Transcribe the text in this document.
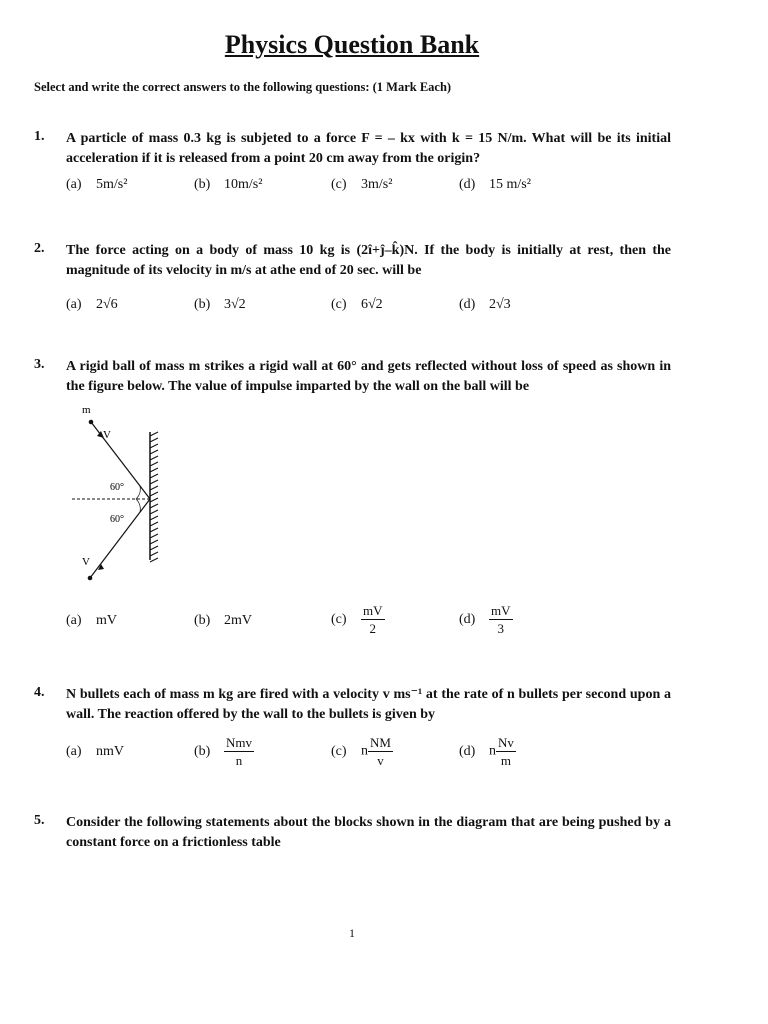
Physics Question Bank
Select and write the correct answers to the following questions: (1 Mark Each)
1. A particle of mass 0.3 kg is subjeted to a force F = – kx with k = 15 N/m. What will be its initial acceleration if it is released from a point 20 cm away from the origin?
(a) 5m/s²	(b) 10m/s²	(c) 3m/s²	(d) 15 m/s²
2. The force acting on a body of mass 10 kg is (2î+ĵ–k̂)N. If the body is initially at rest, then the magnitude of its velocity in m/s at athe end of 20 sec. will be
(a) 2√6	(b) 3√2	(c) 6√2	(d) 2√3
3. A rigid ball of mass m strikes a rigid wall at 60° and gets reflected without loss of speed as shown in the figure below. The value of impulse imparted by the wall on the ball will be
m
V
V
60°
60°
(a) mV	(b) 2mV	$(c) \frac{mV}{2}$	$(d) \frac{mV}{3}$
4. N bullets each of mass m kg are fired with a velocity v ms⁻¹ at the rate of n bullets per second upon a wall. The reaction offered by the wall to the bullets is given by
(a) nmV	$(b) \frac{\text{Nmv}}{n}$	(c) n $\frac{NM}{v}$	(d) n $\frac{Nv}{m}$
5. Consider the following statements about the blocks shown in the diagram that are being pushed by a constant force on a frictionless table
1
